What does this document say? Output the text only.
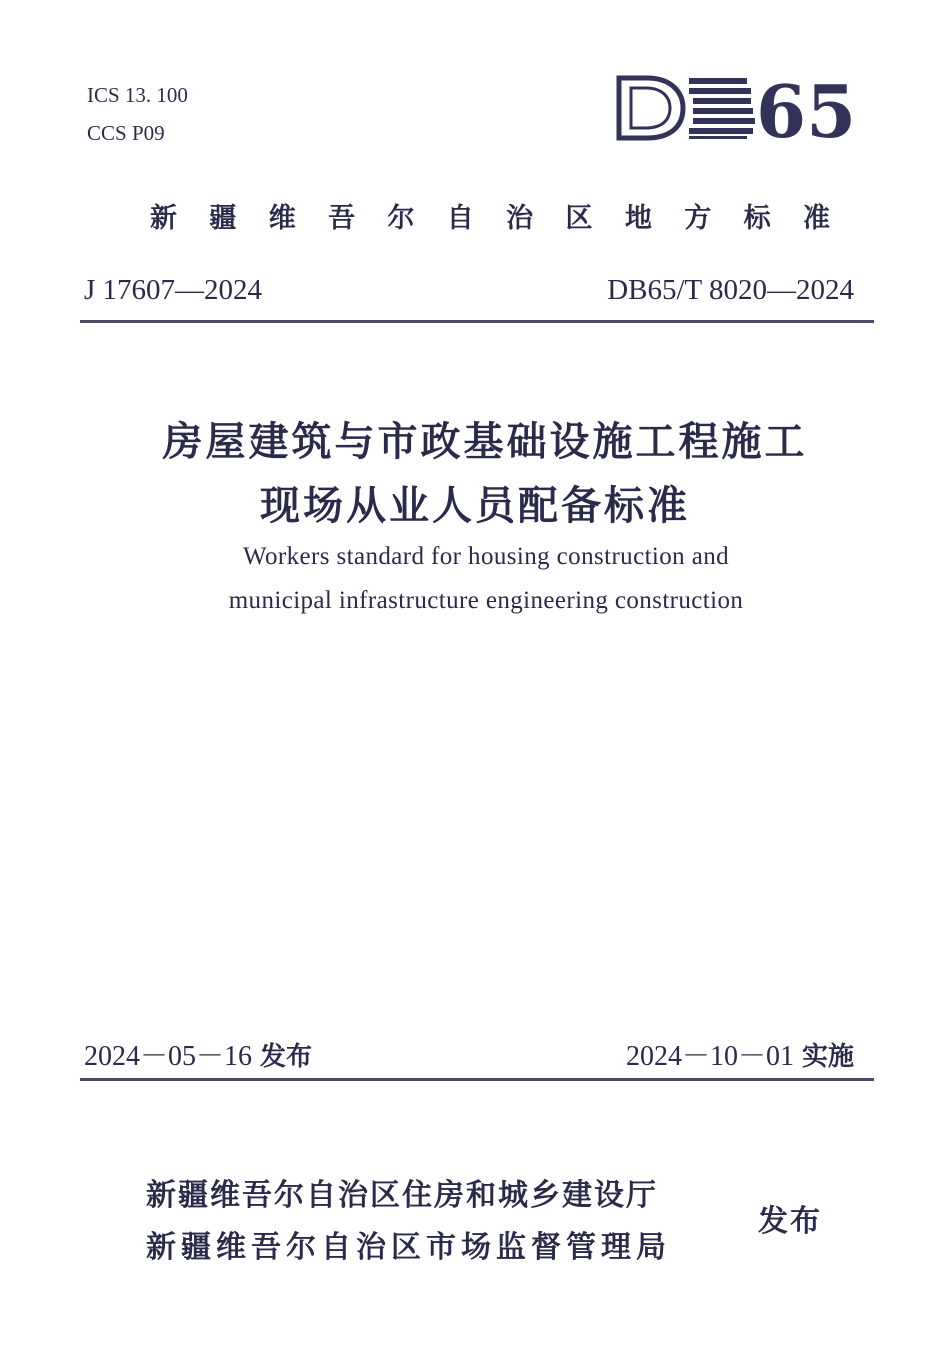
ICS 13. 100
CCS P09	65
新 疆 维 吾 尔 自 治 区 地 方 标 准
J 17607—2024	DB65/T 8020—2024
房屋建筑与市政基础设施工程施工
现场从业人员配备标准
Workers standard for housing construction and
municipal infrastructure engineering construction
2024－05－16 发布	2024－10－01 实施
新疆维吾尔自治区住房和城乡建设厅
新疆维吾尔自治区市场监督管理局
发布
